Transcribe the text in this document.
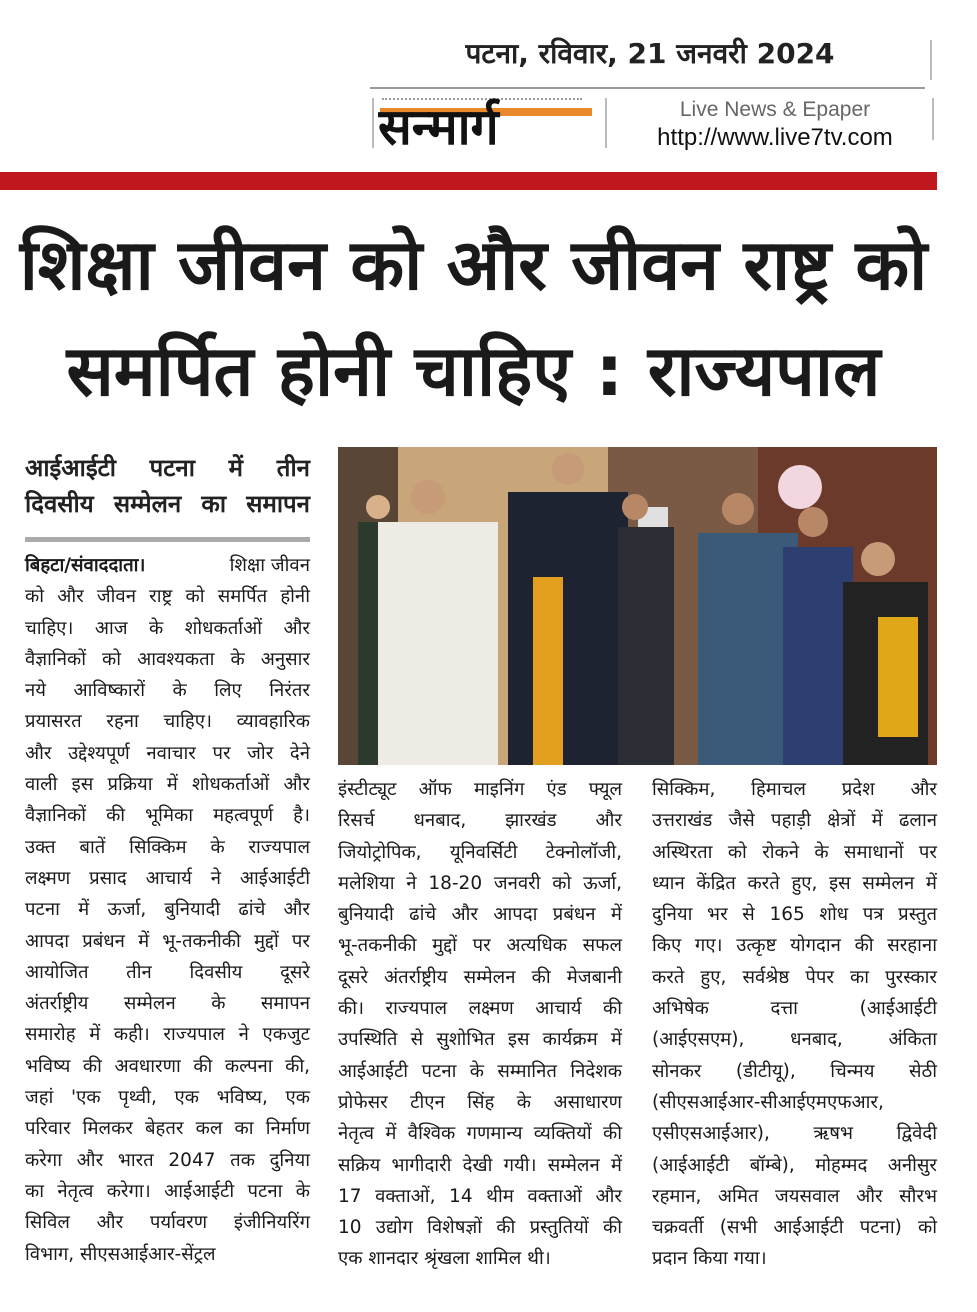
पटना, रविवार, 21 जनवरी 2024
सन्मार्ग	Live News & Epaper
http://www.live7tv.com
शिक्षा जीवन को और जीवन राष्ट्र को
समर्पित होनी चाहिए : राज्यपाल
आईआईटी पटना में तीन
दिवसीय सम्मेलन का समापन
बिहटा/संवाददाता।	शिक्षा जीवन
को और जीवन राष्ट्र को समर्पित होनी
चाहिए। आज के शोधकर्ताओं और
वैज्ञानिकों को आवश्यकता के अनुसार
नये आविष्कारों के लिए निरंतर
प्रयासरत रहना चाहिए। व्यावहारिक
और उद्देश्यपूर्ण नवाचार पर जोर देने
वाली इस प्रक्रिया में शोधकर्ताओं और
वैज्ञानिकों की भूमिका महत्वपूर्ण है।
उक्त बातें सिक्किम के राज्यपाल
लक्ष्मण प्रसाद आचार्य ने आईआईटी
पटना में ऊर्जा, बुनियादी ढांचे और
आपदा प्रबंधन में भू-तकनीकी मुद्दों पर
आयोजित तीन दिवसीय दूसरे
अंतर्राष्ट्रीय सम्मेलन के समापन
समारोह में कही। राज्यपाल ने एकजुट
भविष्य की अवधारणा की कल्पना की,
जहां 'एक पृथ्वी, एक भविष्य, एक
परिवार मिलकर बेहतर कल का निर्माण
करेगा और भारत 2047 तक दुनिया
का नेतृत्व करेगा। आईआईटी पटना के
सिविल और पर्यावरण इंजीनियरिंग
विभाग, सीएसआईआर-सेंट्रल
इंस्टीट्यूट ऑफ माइनिंग एंड फ्यूल
रिसर्च धनबाद, झारखंड और
जियोट्रोपिक, यूनिवर्सिटी टेक्नोलॉजी,
मलेशिया ने 18-20 जनवरी को ऊर्जा,
बुनियादी ढांचे और आपदा प्रबंधन में
भू-तकनीकी मुद्दों पर अत्यधिक सफल
दूसरे अंतर्राष्ट्रीय सम्मेलन की मेजबानी
की। राज्यपाल लक्ष्मण आचार्य की
उपस्थिति से सुशोभित इस कार्यक्रम में
आईआईटी पटना के सम्मानित निदेशक
प्रोफेसर टीएन सिंह के असाधारण
नेतृत्व में वैश्विक गणमान्य व्यक्तियों की
सक्रिय भागीदारी देखी गयी। सम्मेलन में
17 वक्ताओं, 14 थीम वक्ताओं और
10 उद्योग विशेषज्ञों की प्रस्तुतियों की
एक शानदार श्रृंखला शामिल थी।
सिक्किम, हिमाचल प्रदेश और
उत्तराखंड जैसे पहाड़ी क्षेत्रों में ढलान
अस्थिरता को रोकने के समाधानों पर
ध्यान केंद्रित करते हुए, इस सम्मेलन में
दुनिया भर से 165 शोध पत्र प्रस्तुत
किए गए। उत्कृष्ट योगदान की सरहाना
करते हुए, सर्वश्रेष्ठ पेपर का पुरस्कार
अभिषेक दत्ता (आईआईटी
(आईएसएम), धनबाद, अंकिता
सोनकर (डीटीयू), चिन्मय सेठी
(सीएसआईआर-सीआईएमएफआर,
एसीएसआईआर), ऋषभ द्विवेदी
(आईआईटी बॉम्बे), मोहम्मद अनीसुर
रहमान, अमित जयसवाल और सौरभ
चक्रवर्ती (सभी आईआईटी पटना) को
प्रदान किया गया।
